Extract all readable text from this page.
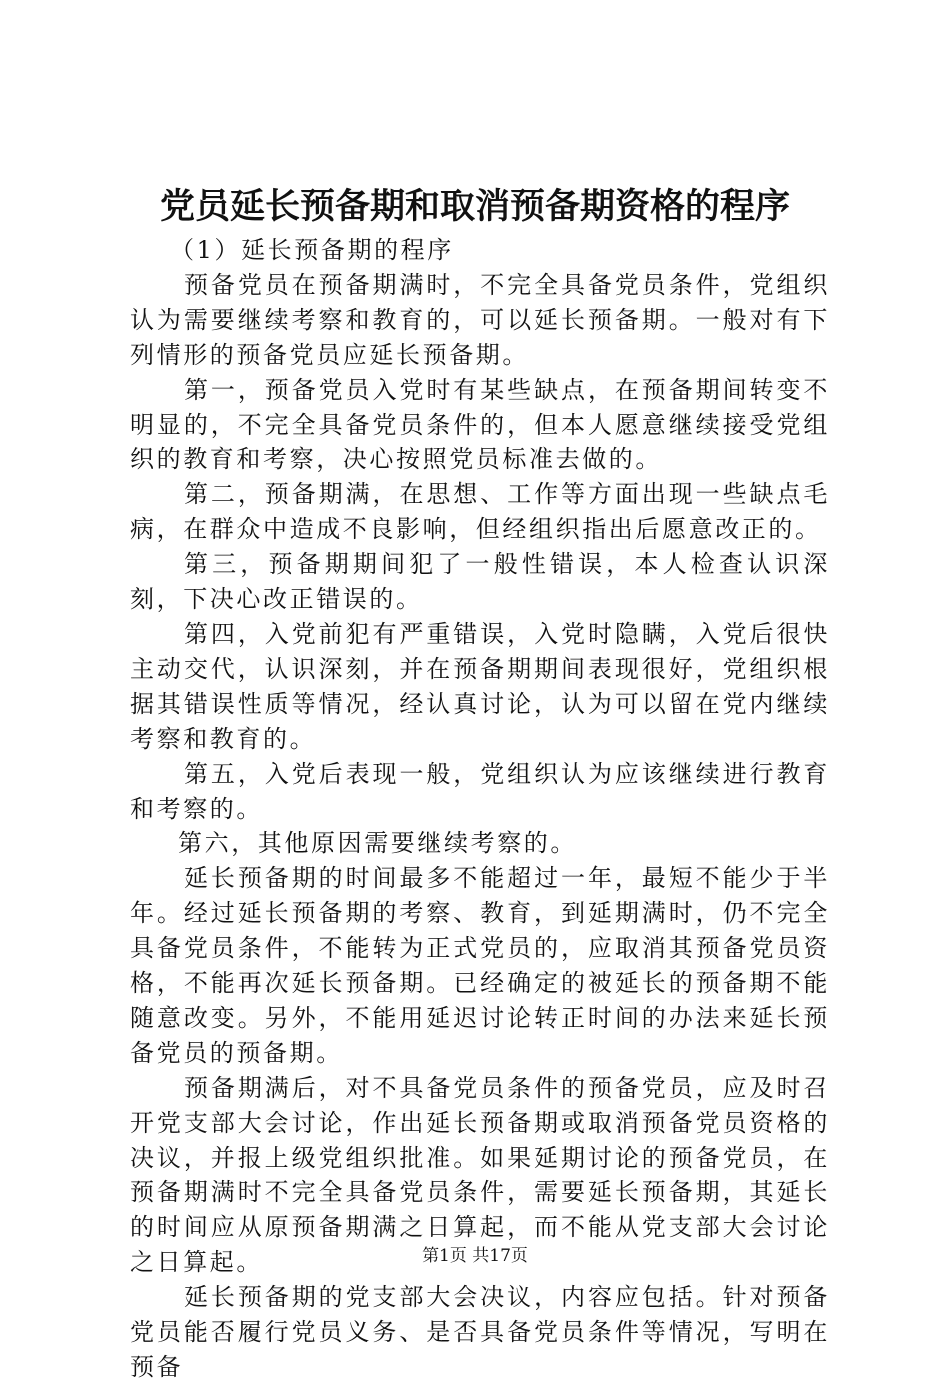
党员延长预备期和取消预备期资格的程序

（1）延长预备期的程序

预备党员在预备期满时，不完全具备党员条件，党组织认为需要继续考察和教育的，可以延长预备期。一般对有下列情形的预备党员应延长预备期。

第一，预备党员入党时有某些缺点，在预备期间转变不明显的，不完全具备党员条件的，但本人愿意继续接受党组织的教育和考察，决心按照党员标准去做的。

第二，预备期满，在思想、工作等方面出现一些缺点毛病，在群众中造成不良影响，但经组织指出后愿意改正的。

第三，预备期期间犯了一般性错误，本人检查认识深刻，下决心改正错误的。

第四，入党前犯有严重错误，入党时隐瞒，入党后很快主动交代，认识深刻，并在预备期期间表现很好，党组织根据其错误性质等情况，经认真讨论，认为可以留在党内继续考察和教育的。

第五，入党后表现一般，党组织认为应该继续进行教育和考察的。

第六，其他原因需要继续考察的。

延长预备期的时间最多不能超过一年，最短不能少于半年。经过延长预备期的考察、教育，到延期满时，仍不完全具备党员条件，不能转为正式党员的，应取消其预备党员资格，不能再次延长预备期。已经确定的被延长的预备期不能随意改变。另外，不能用延迟讨论转正时间的办法来延长预备党员的预备期。

预备期满后，对不具备党员条件的预备党员，应及时召开党支部大会讨论，作出延长预备期或取消预备党员资格的决议，并报上级党组织批准。如果延期讨论的预备党员，在预备期满时不完全具备党员条件，需要延长预备期，其延长的时间应从原预备期满之日算起，而不能从党支部大会讨论之日算起。

延长预备期的党支部大会决议，内容应包括。针对预备党员能否履行党员义务、是否具备党员条件等情况，写明在预备

第1页 共17页
